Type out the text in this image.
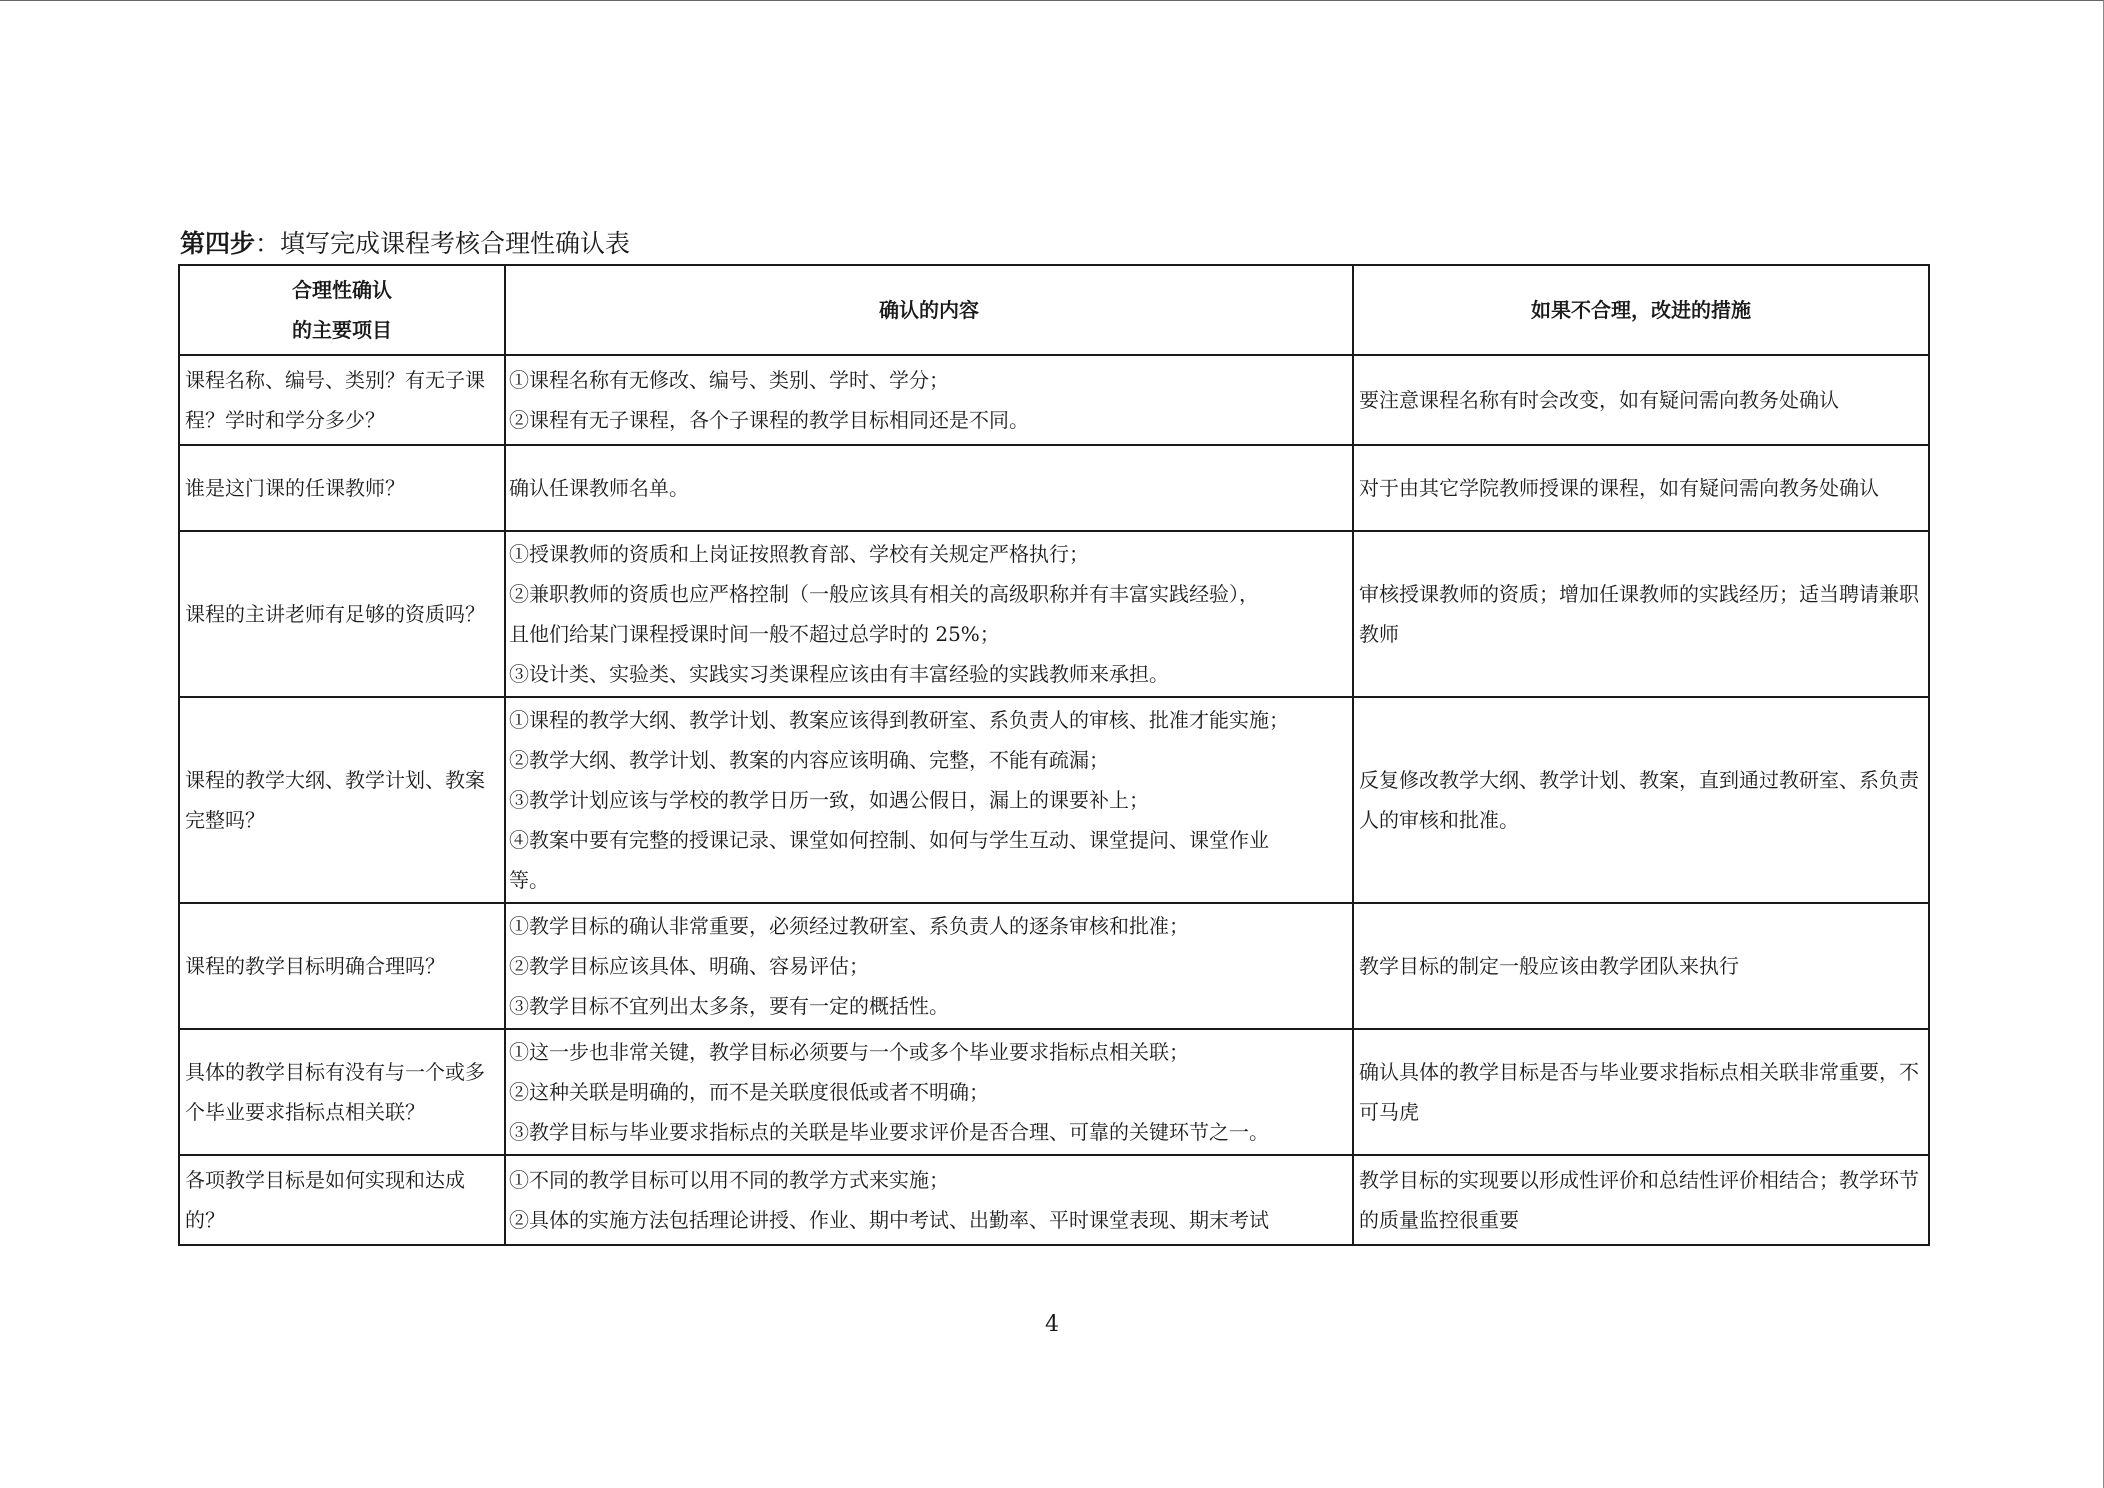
第四步：填写完成课程考核合理性确认表
合理性确认
的主要项目	确认的内容	如果不合理，改进的措施

课程名称、编号、类别？有无子课程？学时和学分多少？	①课程名称有无修改、编号、类别、学时、学分；
②课程有无子课程，各个子课程的教学目标相同还是不同。	要注意课程名称有时会改变，如有疑问需向教务处确认

谁是这门课的任课教师？	确认任课教师名单。	对于由其它学院教师授课的课程，如有疑问需向教务处确认

课程的主讲老师有足够的资质吗？	①授课教师的资质和上岗证按照教育部、学校有关规定严格执行；
②兼职教师的资质也应严格控制（一般应该具有相关的高级职称并有丰富实践经验），
且他们给某门课程授课时间一般不超过总学时的 25%；
③设计类、实验类、实践实习类课程应该由有丰富经验的实践教师来承担。	审核授课教师的资质；增加任课教师的实践经历；适当聘请兼职教师

课程的教学大纲、教学计划、教案完整吗？	①课程的教学大纲、教学计划、教案应该得到教研室、系负责人的审核、批准才能实施；
②教学大纲、教学计划、教案的内容应该明确、完整，不能有疏漏；
③教学计划应该与学校的教学日历一致，如遇公假日，漏上的课要补上；
④教案中要有完整的授课记录、课堂如何控制、如何与学生互动、课堂提问、课堂作业
等。	反复修改教学大纲、教学计划、教案，直到通过教研室、系负责人的审核和批准。

课程的教学目标明确合理吗？	①教学目标的确认非常重要，必须经过教研室、系负责人的逐条审核和批准；
②教学目标应该具体、明确、容易评估；
③教学目标不宜列出太多条，要有一定的概括性。	教学目标的制定一般应该由教学团队来执行

具体的教学目标有没有与一个或多个毕业要求指标点相关联？	①这一步也非常关键，教学目标必须要与一个或多个毕业要求指标点相关联；
②这种关联是明确的，而不是关联度很低或者不明确；
③教学目标与毕业要求指标点的关联是毕业要求评价是否合理、可靠的关键环节之一。	确认具体的教学目标是否与毕业要求指标点相关联非常重要，不可马虎

各项教学目标是如何实现和达成的？	①不同的教学目标可以用不同的教学方式来实施；
②具体的实施方法包括理论讲授、作业、期中考试、出勤率、平时课堂表现、期末考试	教学目标的实现要以形成性评价和总结性评价相结合；教学环节的质量监控很重要
4
